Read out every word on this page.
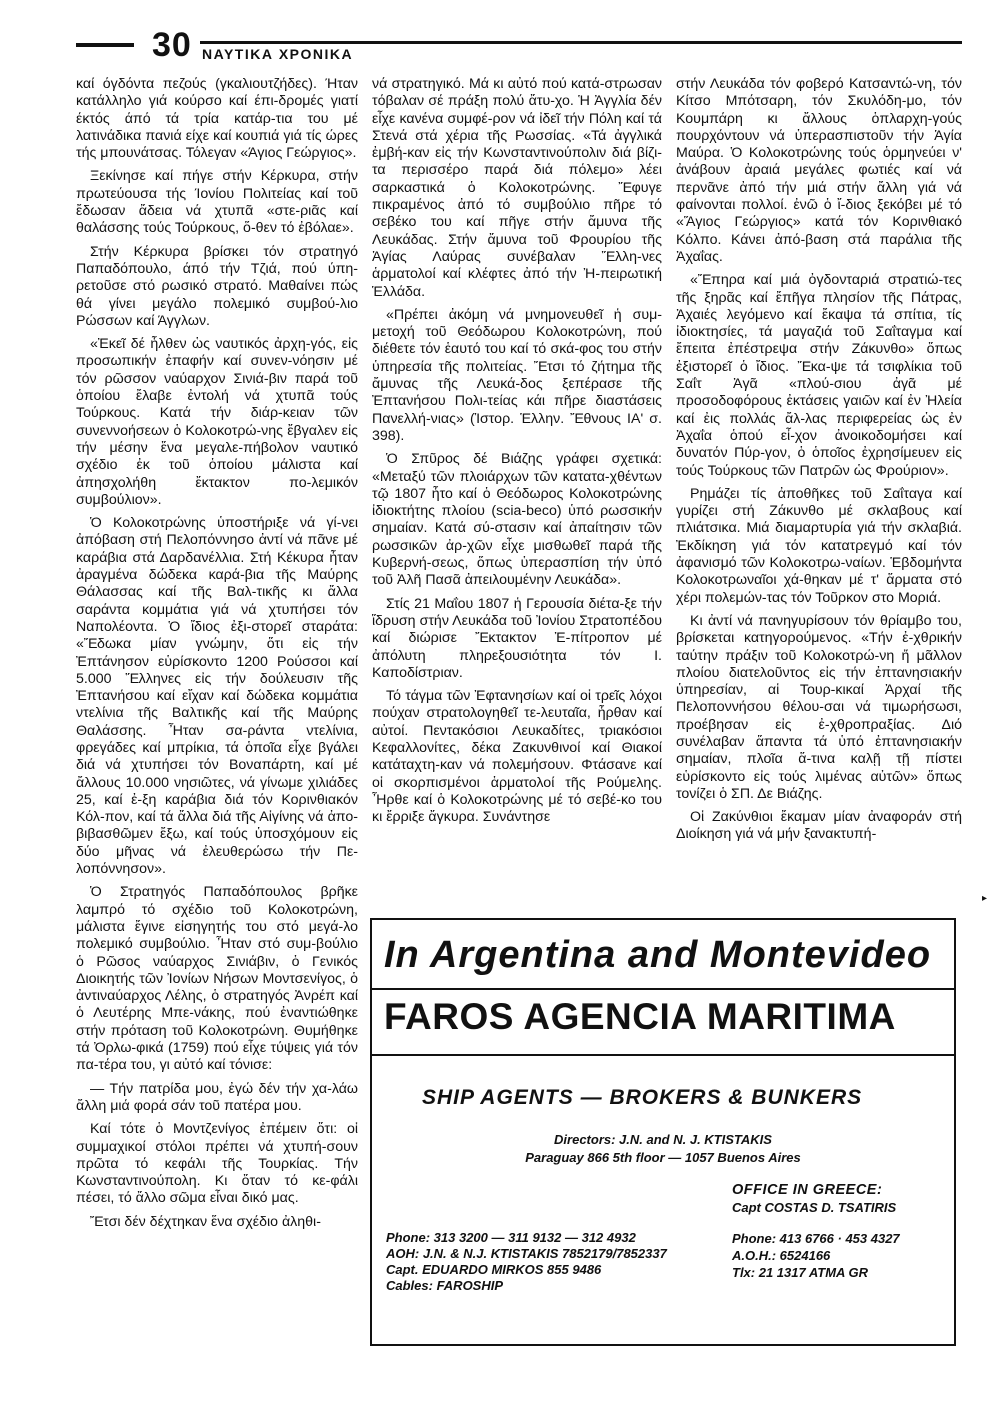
30 ΝΑΥΤΙΚΑ ΧΡΟΝΙΚΑ

καί όγδόντα πεζούς (γκαλιουτζήδες). Ήταν κατάλληλο γιά κούρσο καί έπι-δρομές γιατί έκτός άπό τά τρία κατάρ-τια του μέ λατινάδικα πανιά είχε καί κουπιά γιά τίς ώρες τής μπουνάτσας. Τόλεγαν «Άγιος Γεώργιος».

Ξεκίνησε καί πήγε στήν Κέρκυρα, στήν πρωτεύουσα τής Ίονίου Πολιτείας καί τοῦ ἔδωσαν ἄδεια νά χτυπᾶ «στε-ριᾶς καί θαλάσσης τούς Τούρκους, ὅ-θεν τό ἐβόλαε».

Στήν Κέρκυρα βρίσκει τόν στρατηγό Παπαδόπουλο, άπό τήν Τζιά, πού ύπη-ρετοῦσε στό ρωσικό στρατό. Μαθαίνει πώς θά γίνει μεγάλο πολεμικό συμβού-λιο Ρώσσων καί Άγγλων.

«Ἐκεῖ δέ ἦλθεν ὡς ναυτικός ἀρχη-γός, εἰς προσωπικήν ἐπαφήν καί συνεν-νόησιν μέ τόν ρῶσσον ναύαρχον Σινιά-βιν παρά τοῦ ὁποίου ἔλαβε ἐντολή νά χτυπᾶ τούς Τούρκους. Κατά τήν διάρ-κειαν τῶν συνεννοήσεων ὁ Κολοκοτρώ-νης ἔβγαλεν εἰς τήν μέσην ἕνα μεγαλε-πήβολον ναυτικό σχέδιο ἐκ τοῦ ὁποίου μάλιστα καί ἀπησχολήθη ἔκτακτον πο-λεμικόν συμβούλιον».

Ὁ Κολοκοτρώνης ὑποστήριξε νά γί-νει ἀπόβαση στή Πελοπόννησο ἀντί νά πᾶνε μέ καράβια στά Δαρδανέλλια. Στή Κέκυρα ἦταν ἀραγμένα δώδεκα καρά-βια τῆς Μαύρης Θάλασσας καί τῆς Βαλ-τικῆς κι ἄλλα σαράντα κομμάτια γιά νά χτυπήσει τόν Ναπολέοντα. Ὁ ἴδιος ἐξι-στορεῖ σταράτα: «Ἔδωκα μίαν γνώμην, ὅτι εἰς τήν Ἐπτάνησον εὑρίσκοντο 1200 Ρούσσοι καί 5.000 Ἕλληνες εἰς τήν δούλευσιν τῆς Ἐπτανήσου καί εἴχαν καί δώδεκα κομμάτια ντελίνια τῆς Βαλτικῆς καί τῆς Μαύρης Θαλάσσης. Ἦταν σα-ράντα ντελίνια, φρεγάδες καί μπρίκια, τά ὁποῖα εἶχε βγάλει διά νά χτυπήσει τόν Βοναπάρτη, καί μέ ἄλλους 10.000 νησιῶτες, νά γίνωμε χιλιάδες 25, καί ἐ-ξη καράβια διά τόν Κορινθιακόν Κόλ-πον, καί τά ἄλλα διά τῆς Αἰγίνης νά ἀπο-βιβασθῶμεν ἔξω, καί τούς ὑποσχόμουν εἰς δύο μῆνας νά ἐλευθερώσω τήν Πε-λοπόννησον».

Ὁ Στρατηγός Παπαδόπουλος βρῆκε λαμπρό τό σχέδιο τοῦ Κολοκοτρώνη, μάλιστα ἔγινε εἰσηγητής του στό μεγά-λο πολεμικό συμβούλιο. Ἦταν στό συμ-βούλιο ὁ Ρῶσος ναύαρχος Σινιάβιν, ὁ Γενικός Διοικητής τῶν Ἰονίων Νήσων Μοντσενίγος, ὁ ἀντιναύαρχος Λέλης, ὁ στρατηγός Ἀνρέπ καί ὁ Λευτέρης Μπε-νάκης, πού ἐναντιώθηκε στήν πρόταση τοῦ Κολοκοτρώνη. Θυμήθηκε τά Ὀρλω-φικά (1759) πού εἶχε τύψεις γιά τόν πα-τέρα του, γι αὐτό καί τόνισε:

— Τήν πατρίδα μου, ἐγώ δέν τήν χα-λάω ἄλλη μιά φορά σάν τοῦ πατέρα μου.

Καί τότε ὁ Μοντζενίγος ἐπέμειν ὅτι: οἱ συμμαχικοί στόλοι πρέπει νά χτυπή-σουν πρῶτα τό κεφάλι τῆς Τουρκίας. Τήν Κωνσταντινούπολη. Κι ὅταν τό κε-φάλι πέσει, τό ἄλλο σῶμα εἶναι δικό μας.

Ἔτσι δέν δέχτηκαν ἕνα σχέδιο ἀληθι-

νά στρατηγικό. Μά κι αὐτό πού κατά-στρωσαν τόβαλαν σέ πράξη πολύ ἄτυ-χο. Ἡ Ἀγγλία δέν εἶχε κανένα συμφέ-ρον νά ἰδεῖ τήν Πόλη καί τά Στενά στά χέρια τῆς Ρωσσίας. «Τά ἀγγλικά ἐμβή-καν εἰς τήν Κωνσταντινούπολιν διά βίζι-τα περισσέρο παρά διά πόλεμο» λέει σαρκαστικά ὁ Κολοκοτρώνης. Ἔφυγε πικραμένος ἀπό τό συμβούλιο πῆρε τό σεβέκο του καί πῆγε στήν ἄμυνα τῆς Λευκάδας. Στήν ἄμυνα τοῦ Φρουρίου τῆς Ἁγίας Λαύρας συνέβαλαν Ἕλλη-νες ἁρματολοί καί κλέφτες ἀπό τήν Ἠ-πειρωτική Ἑλλάδα.

«Πρέπει ἀκόμη νά μνημονευθεῖ ἡ συμ-μετοχή τοῦ Θεόδωρου Κολοκοτρώνη, πού διέθετε τόν ἑαυτό του καί τό σκά-φος του στήν ὑπηρεσία τῆς πολιτείας. Ἔτσι τό ζήτημα τῆς ἄμυνας τῆς Λευκά-δος ξεπέρασε τῆς Ἐπτανήσου Πολι-τείας κάι πῆρε διαστάσεις Πανελλή-νιας» (Ἱστορ. Ἑλλην. Ἔθνους ΙΑ' σ. 398).

Ὁ Σπῦρος δέ Βιάζης γράφει σχετικά: «Μεταξύ τῶν πλοιάρχων τῶν κατατα-χθέντων τῷ 1807 ἦτο καί ὁ Θεόδωρος Κολοκοτρώνης ἰδιοκτήτης πλοίου (scia-beco) ὑπό ρωσσικήν σημαίαν. Κατά σύ-στασιν καί ἀπαίτησιν τῶν ρωσσικῶν ἀρ-χῶν εἶχε μισθωθεῖ παρά τῆς Κυβερνή-σεως, ὅπως ὑπερασπίση τήν ὑπό τοῦ Ἀλῆ Πασᾶ ἀπειλουμένην Λευκάδα».

Στίς 21 Μαΐου 1807 ἡ Γερουσία διέτα-ξε τήν ἵδρυση στήν Λευκάδα τοῦ Ἰονίου Στρατοπέδου καί διώρισε Ἔκτακτον Ἐ-πίτροπον μέ ἀπόλυτη πληρεξουσιότητα τόν Ι. Καποδίστριαν.

Τό τάγμα τῶν Ἐφτανησίων καί οἱ τρεῖς λόχοι πούχαν στρατολογηθεῖ τε-λευταῖα, ἦρθαν καί αὐτοί. Πεντακόσιοι Λευκαδίτες, τριακόσιοι Κεφαλλονίτες, δέκα Ζακυνθινοί καί Θιακοί κατάταχτη-καν νά πολεμήσουν. Φτάσανε καί οἱ σκορπισμένοι ἁρματολοί τῆς Ρούμελης. Ἦρθε καί ὁ Κολοκοτρώνης μέ τό σεβέ-κο του κι ἔρριξε ἄγκυρα. Συνάντησε

στήν Λευκάδα τόν φοβερό Κατσαντώ-νη, τόν Κίτσο Μπότσαρη, τόν Σκυλόδη-μο, τόν Κουμπάρη κι ἄλλους ὁπλαρχη-γούς πουρχόντουν νά ὑπερασπιστοῦν τήν Ἁγία Μαύρα. Ὁ Κολοκοτρώνης τούς ὁρμηνεύει ν' ἀνάβουν ἀραιά μεγάλες φωτιές καί νά περνᾶνε ἀπό τήν μιά στήν ἄλλη γιά νά φαίνονται πολλοί. ἐνῶ ὁ ἴ-διος ξεκόβει μέ τό «Ἅγιος Γεώργιος» κατά τόν Κορινθιακό Κόλπο. Κάνει ἀπό-βαση στά παράλια τῆς Ἀχαΐας.

«Ἔπηρα καί μιά ὀγδονταριά στρατιώ-τες τῆς ξηρᾶς καί ἔπῆγα πλησίον τῆς Πάτρας, Ἀχαιές λεγόμενο καί ἔκαψα τά σπίτια, τίς ἰδιοκτησίες, τά μαγαζιά τοῦ Σαΐταγμα καί ἔπειτα ἐπέστρεψα στήν Ζάκυνθο» ὅπως ἐξιστορεῖ ὁ ἴδιος. Ἔκα-ψε τά τσιφλίκια τοῦ Σαΐτ Ἀγᾶ «πλού-σιου ἀγᾶ μέ προσοδοφόρους ἐκτάσεις γαιῶν καί ἐν Ἠλεία καί ἐις πολλάς ἄλ-λας περιφερείας ὡς ἐν Ἀχαΐα ὁπού εἶ-χον ἀνοικοδομήσει καί δυνατόν Πύρ-γον, ὁ ὁποῖος ἐχρησίμευεν εἰς τούς Τούρκους τῶν Πατρῶν ὡς Φρούριον».

Ρημάζει τίς ἀποθῆκες τοῦ Σαΐταγα καί γυρίζει στή Ζάκυνθο μέ σκλαβους καί πλιάτσικα. Μιά διαμαρτυρία γιά τήν σκλαβιά. Ἐκδίκηση γιά τόν κατατρεγμό καί τόν ἀφανισμό τῶν Κολοκοτρω-ναίων. Ἑβδομήντα Κολοκοτρωναῖοι χά-θηκαν μέ τ' ἅρματα στό χέρι πολεμών-τας τόν Τοῦρκον στο Μοριά.

Κι ἀντί νά πανηγυρίσουν τόν θρίαμβο του, βρίσκεται κατηγορούμενος. «Τήν ἐ-χθρικήν ταύτην πράξιν τοῦ Κολοκοτρώ-νη ἤ μᾶλλον πλοίου διατελοῦντος εἰς τήν ἐπτανησιακήν ὑπηρεσίαν, αἱ Τουρ-κικαί Ἀρχαί τῆς Πελοποννήσου θέλου-σαι νά τιμωρήσωσι, προέβησαν εἰς ἐ-χθροπραξίας. Διό συνέλαβαν ἅπαντα τά ὑπό ἐπτανησιακήν σημαίαν, πλοῖα ἅ-τινα καλῇ τῇ πίστει εὑρίσκοντο εἰς τούς λιμένας αὐτῶν» ὅπως τονίζει ὁ ΣΠ. Δε Βιάζης.

Οἱ Ζακύνθιοι ἔκαμαν μίαν ἀναφοράν στή Διοίκηση γιά νά μήν ξανακτυπή-

▸
In Argentina and Montevideo
FAROS AGENCIA MARITIMA
SHIP AGENTS — BROKERS & BUNKERS
Directors: J.N. and N. J. KTISTAKIS
Paraguay 866 5th floor — 1057 Buenos Aires
Phone: 313 3200 — 311 9132 — 312 4932
AOH: J.N. & N.J. KTISTAKIS 7852179/7852337
Capt. EDUARDO MIRKOS 855 9486
Cables: FAROSHIP
OFFICE IN GREECE:
Capt COSTAS D. TSATIRIS
Phone: 413 6766 · 453 4327
A.O.H.: 6524166
Tlx: 21 1317 ATMA GR
